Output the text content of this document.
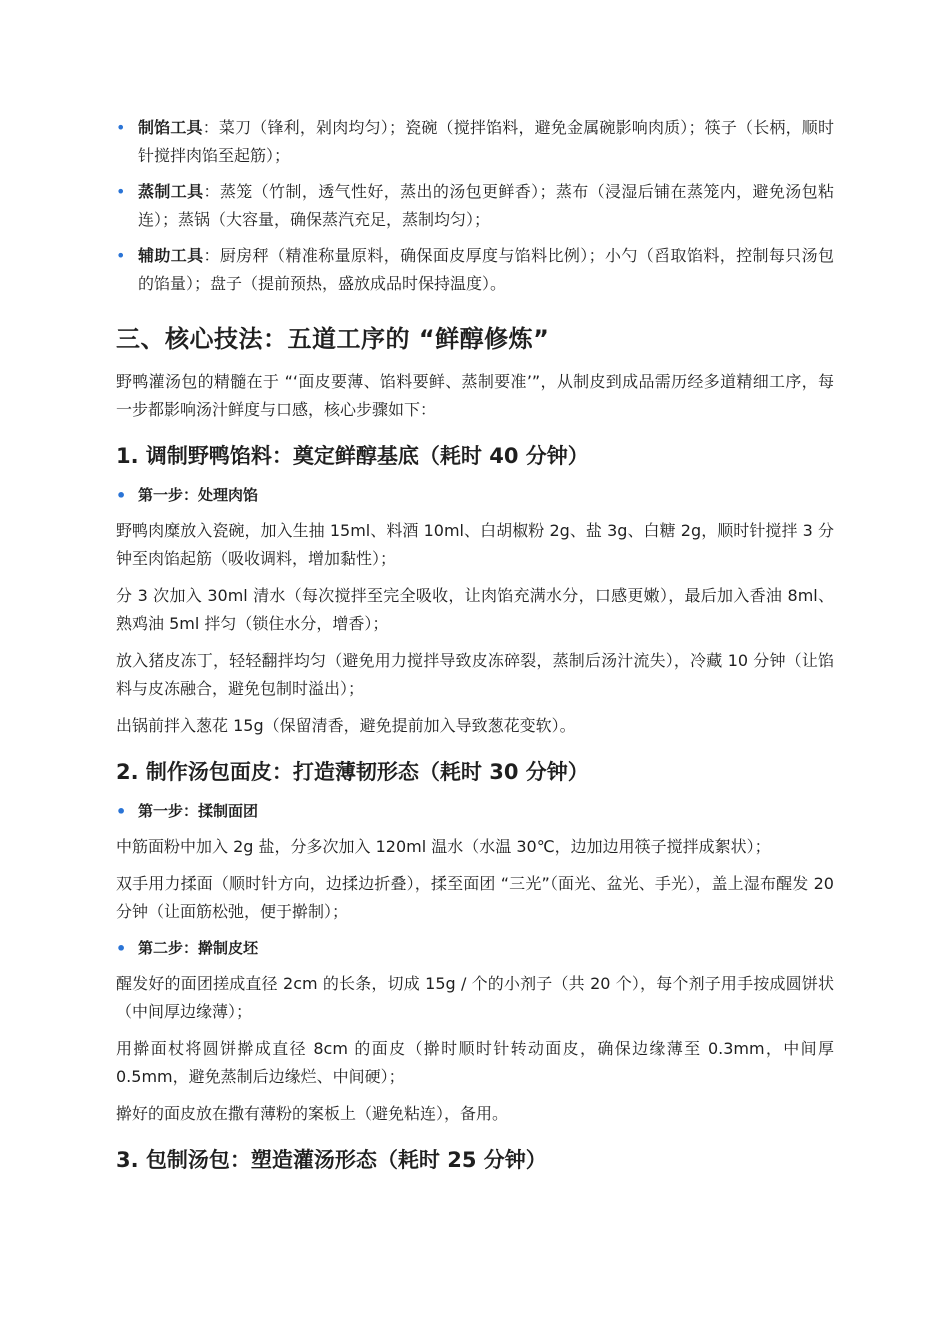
• 制馅工具：菜刀（锋利，剁肉均匀）；瓷碗（搅拌馅料，避免金属碗影响肉质）；筷子（长柄，顺时针搅拌肉馅至起筋）；
• 蒸制工具：蒸笼（竹制，透气性好，蒸出的汤包更鲜香）；蒸布（浸湿后铺在蒸笼内，避免汤包粘连）；蒸锅（大容量，确保蒸汽充足，蒸制均匀）；
• 辅助工具：厨房秤（精准称量原料，确保面皮厚度与馅料比例）；小勺（舀取馅料，控制每只汤包的馅量）；盘子（提前预热，盛放成品时保持温度）。
三、核心技法：五道工序的 “鲜醇修炼”

野鸭灌汤包的精髓在于 “‘面皮要薄、馅料要鲜、蒸制要准’”，从制皮到成品需历经多道精细工序，每一步都影响汤汁鲜度与口感，核心步骤如下：

1. 调制野鸭馅料：奠定鲜醇基底（耗时 40 分钟）
• 第一步：处理肉馅

野鸭肉糜放入瓷碗，加入生抽 15ml、料酒 10ml、白胡椒粉 2g、盐 3g、白糖 2g，顺时针搅拌 3 分钟至肉馅起筋（吸收调料，增加黏性）；

分 3 次加入 30ml 清水（每次搅拌至完全吸收，让肉馅充满水分，口感更嫩），最后加入香油 8ml、熟鸡油 5ml 拌匀（锁住水分，增香）；

放入猪皮冻丁，轻轻翻拌均匀（避免用力搅拌导致皮冻碎裂，蒸制后汤汁流失），冷藏 10 分钟（让馅料与皮冻融合，避免包制时溢出）；

出锅前拌入葱花 15g（保留清香，避免提前加入导致葱花变软）。

2. 制作汤包面皮：打造薄韧形态（耗时 30 分钟）
• 第一步：揉制面团

中筋面粉中加入 2g 盐，分多次加入 120ml 温水（水温 30℃，边加边用筷子搅拌成絮状）；

双手用力揉面（顺时针方向，边揉边折叠），揉至面团 “三光”（面光、盆光、手光），盖上湿布醒发 20 分钟（让面筋松弛，便于擀制）；

• 第二步：擀制皮坯

醒发好的面团搓成直径 2cm 的长条，切成 15g / 个的小剂子（共 20 个），每个剂子用手按成圆饼状（中间厚边缘薄）；

用擀面杖将圆饼擀成直径 8cm 的面皮（擀时顺时针转动面皮，确保边缘薄至 0.3mm，中间厚 0.5mm，避免蒸制后边缘烂、中间硬）；

擀好的面皮放在撒有薄粉的案板上（避免粘连），备用。

3. 包制汤包：塑造灌汤形态（耗时 25 分钟）
